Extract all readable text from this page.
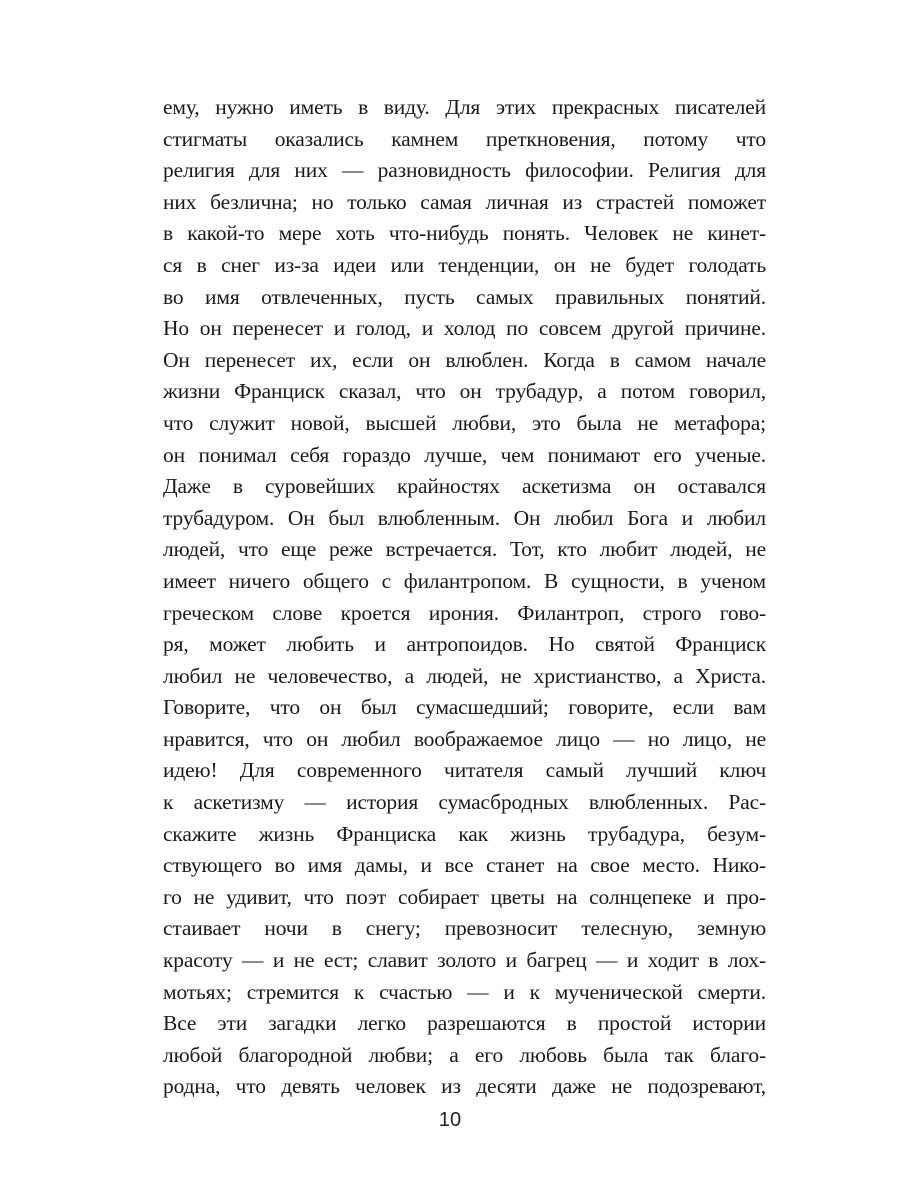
ему, нужно иметь в виду. Для этих прекрасных писателей
стигматы оказались камнем преткновения, потому что
религия для них — разновидность философии. Религия для
них безлична; но только самая личная из страстей поможет
в какой-то мере хоть что-нибудь понять. Человек не кинет-
ся в снег из-за идеи или тенденции, он не будет голодать
во имя отвлеченных, пусть самых правильных понятий.
Но он перенесет и голод, и холод по совсем другой причине.
Он перенесет их, если он влюблен. Когда в самом начале
жизни Франциск сказал, что он трубадур, а потом говорил,
что служит новой, высшей любви, это была не метафора;
он понимал себя гораздо лучше, чем понимают его ученые.
Даже в суровейших крайностях аскетизма он оставался
трубадуром. Он был влюбленным. Он любил Бога и любил
людей, что еще реже встречается. Тот, кто любит людей, не
имеет ничего общего с филантропом. В сущности, в ученом
греческом слове кроется ирония. Филантроп, строго гово-
ря, может любить и антропоидов. Но святой Франциск
любил не человечество, а людей, не христианство, а Христа.
Говорите, что он был сумасшедший; говорите, если вам
нравится, что он любил воображаемое лицо — но лицо, не
идею! Для современного читателя самый лучший ключ
к аскетизму — история сумасбродных влюбленных. Рас-
скажите жизнь Франциска как жизнь трубадура, безум-
ствующего во имя дамы, и все станет на свое место. Нико-
го не удивит, что поэт собирает цветы на солнцепеке и про-
стаивает ночи в снегу; превозносит телесную, земную
красоту — и не ест; славит золото и багрец — и ходит в лох-
мотьях; стремится к счастью — и к мученической смерти.
Все эти загадки легко разрешаются в простой истории
любой благородной любви; а его любовь была так благо-
родна, что девять человек из десяти даже не подозревают,
10
